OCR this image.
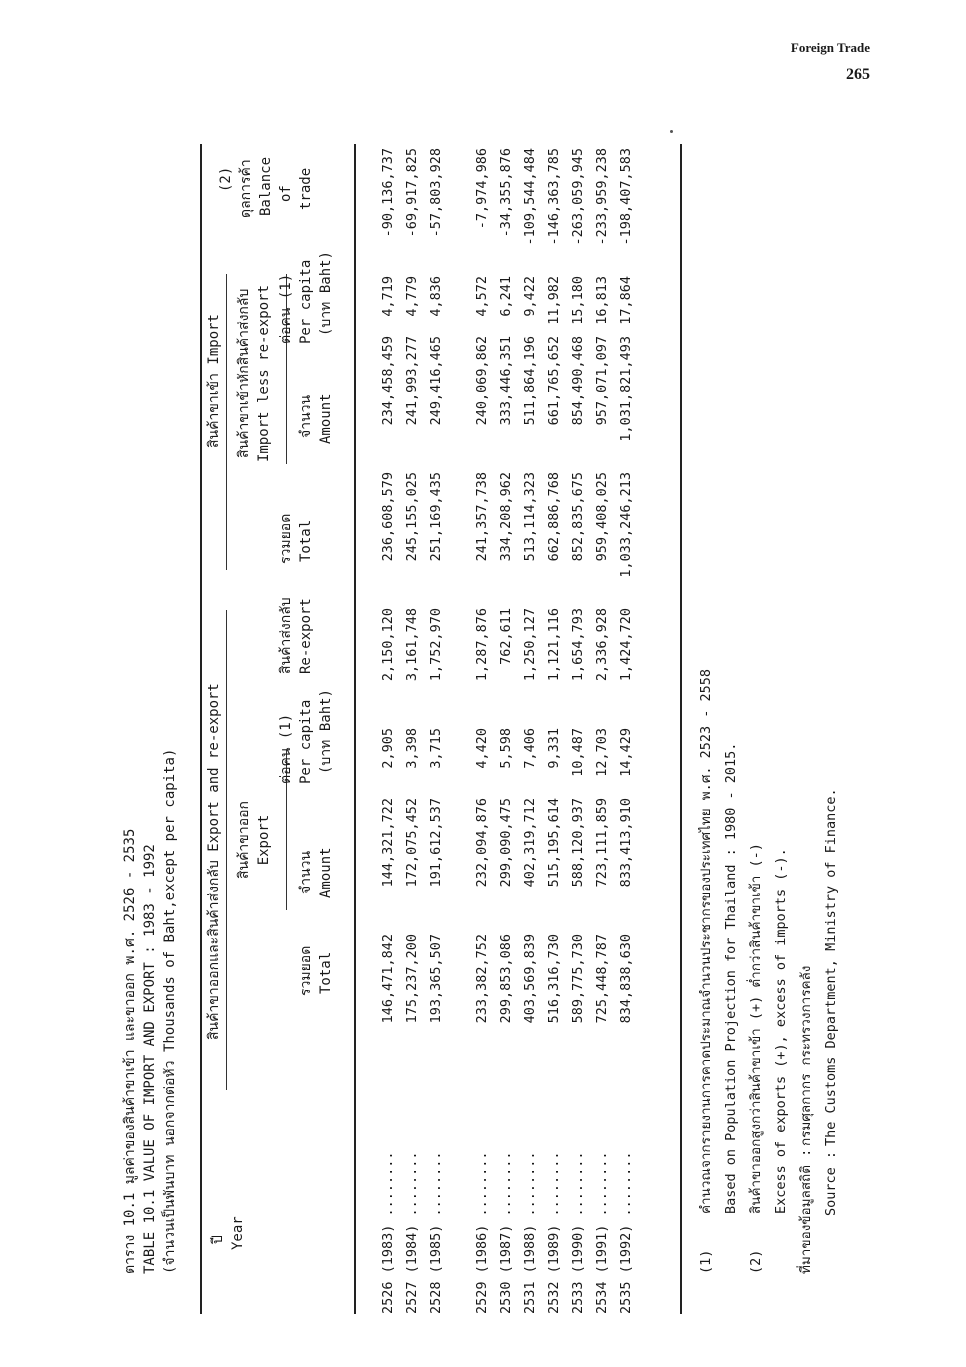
Foreign Trade
265
ตาราง 10.1 มูลค่าของสินค้าขาเข้า และขาออก พ.ศ. 2526 - 2535 TABLE 10.1 VALUE OF IMPORT AND EXPORT : 1983 - 1992 (จำนวนเป็นพันบาท นอกจากต่อหัว Thousands of Baht,except per capita) ปี Year
สินค้าขาออกและสินค้าส่งกลับ Export and re-export	รวมยอด Total
สินค้าขาออก Export
จำนวน Amount
ต่อคน (1) Per capita (บาท Baht)
สินค้าส่งกลับ Re-export
สินค้าขาเข้า Import
รวมยอด Total
สินค้าขาเข้าหักสินค้าส่งกลับ Import less re-export จำนวน Amount
ต่อคน (1) Per capita (บาท Baht)
(2) ดุลการค้า Balance of trade
2526 (1983) ........
146,471,842
144,321,722
2,905
2,150,120
236,608,579
234,458,459
4,719
-90,136,737
2527 (1984) ........
175,237,200
172,075,452
3,398
3,161,748
245,155,025
241,993,277
4,779
-69,917,825
2528 (1985) ........
193,365,507
191,612,537
3,715
1,752,970
251,169,435
249,416,465
4,836
-57,803,928
2529 (1986) ........
233,382,752
232,094,876
4,420
1,287,876
241,357,738
240,069,862
4,572
-7,974,986
2530 (1987) ........
299,853,086
299,090,475
5,598
762,611
334,208,962
333,446,351
6,241
-34,355,876
2531 (1988) ........
403,569,839
402,319,712
7,406
1,250,127
513,114,323
511,864,196
9,422
-109,544,484
2532 (1989) ........
516,316,730
515,195,614
9,331
1,121,116
662,886,768
661,765,652
11,982
-146,363,785
2533 (1990) ........
589,775,730
588,120,937
10,487
1,654,793
852,835,675
854,490,468
15,180
-263,059,945
2534 (1991) ........
725,448,787
723,111,859
12,703
2,336,928
959,408,025
957,071,097
16,813
-233,959,238
2535 (1992) ........
834,838,630
833,413,910
14,429
1,424,720
1,033,246,213
1,031,821,493
17,864
-198,407,583
(1)
คำนวณจากรายงานการคาดประมาณจำนวนประชากรของประเทศไทย พ.ศ. 2523 - 2558 Based on Population Projection for Thailand : 1980 - 2015.
(2)
สินค้าขาออกสูงกว่าสินค้าขาเข้า (+) ต่ำกว่าสินค้าขาเข้า (-) Excess of exports (+), excess of imports (-). ที่มาของข้อมูลสถิติ :
กรมศุลกากร กระทรวงการคลัง
Source :
The Customs Department, Ministry of Finance.
